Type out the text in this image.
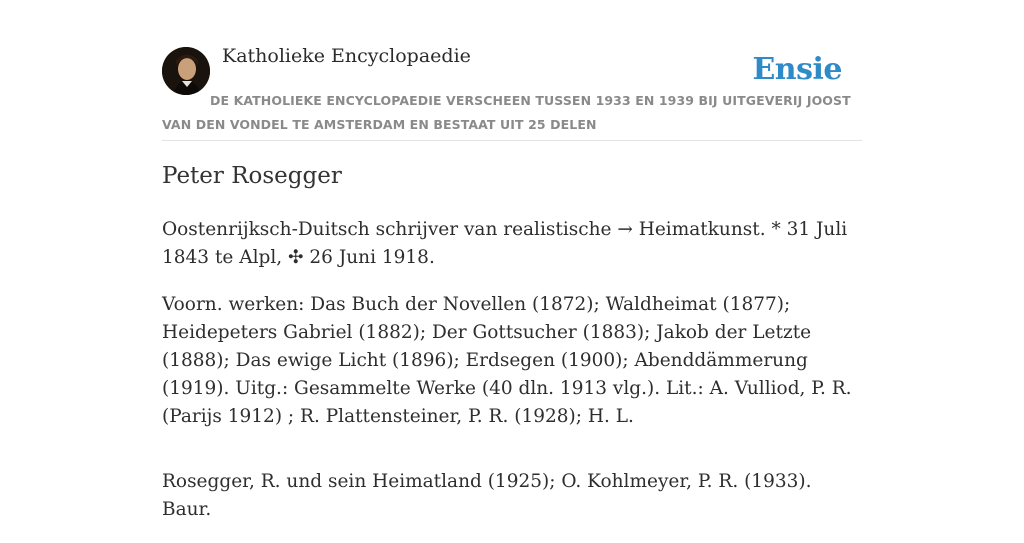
Katholieke Encyclopaedie	Ensie
DE KATHOLIEKE ENCYCLOPAEDIE VERSCHEEN TUSSEN 1933 EN 1939 BIJ UITGEVERIJ JOOST VAN DEN VONDEL TE AMSTERDAM EN BESTAAT UIT 25 DELEN
Peter Rosegger

Oostenrijksch-Duitsch schrijver van realistische → Heimatkunst. * 31 Juli 1843 te Alpl, ✣ 26 Juni 1918.

Voorn. werken: Das Buch der Novellen (1872); Waldheimat (1877); Heidepeters Gabriel (1882); Der Gottsucher (1883); Jakob der Letzte (1888); Das ewige Licht (1896); Erdsegen (1900); Abenddämmerung (1919). Uitg.: Gesammelte Werke (40 dln. 1913 vlg.). Lit.: A. Vulliod, P. R. (Parijs 1912) ; R. Plattensteiner, P. R. (1928); H. L.

Rosegger, R. und sein Heimatland (1925); O. Kohlmeyer, P. R. (1933). Baur.
